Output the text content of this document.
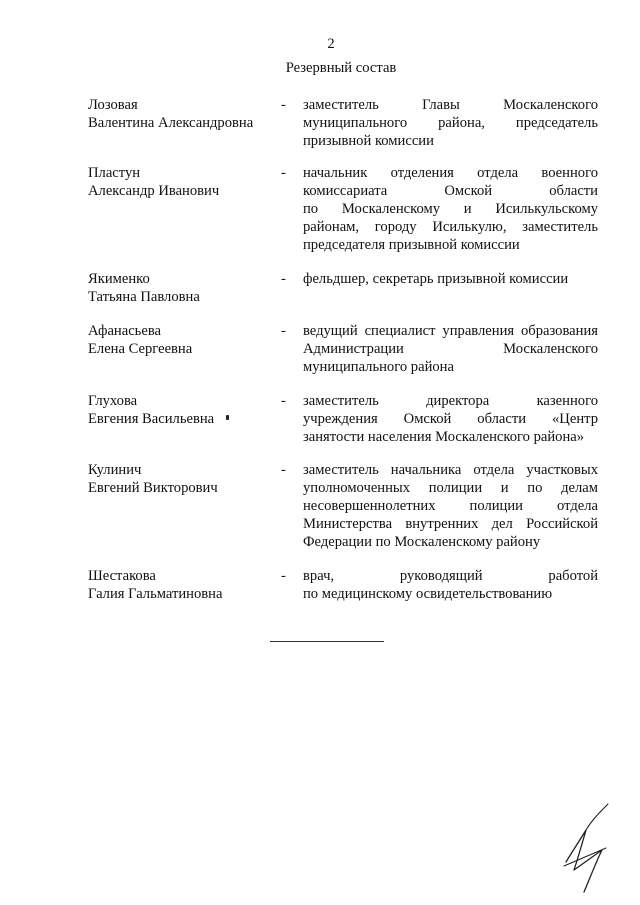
2
Резервный состав
Лозовая
Валентина Александровна
- заместитель Главы Москаленского
муниципального района, председатель
призывной комиссии
Пластун
Александр Иванович
- начальник отделения отдела военного
комиссариата Омской области
по Москаленскому и Исилькульскому
районам, городу Исилькулю, заместитель
председателя призывной комиссии
Якименко
Татьяна Павловна
- фельдшер, секретарь призывной комиссии
Афанасьева
Елена Сергеевна
- ведущий специалист управления образования
Администрации Москаленского
муниципального района
Глухова
Евгения Васильевна
- заместитель директора казенного
учреждения Омской области «Центр
занятости населения Москаленского района»
Кулинич
Евгений Викторович
- заместитель начальника отдела участковых
уполномоченных полиции и по делам
несовершеннолетних полиции отдела
Министерства внутренних дел Российской
Федерации по Москаленскому району
Шестакова
Галия Гальматиновна
- врач, руководящий работой
по медицинскому освидетельствованию
